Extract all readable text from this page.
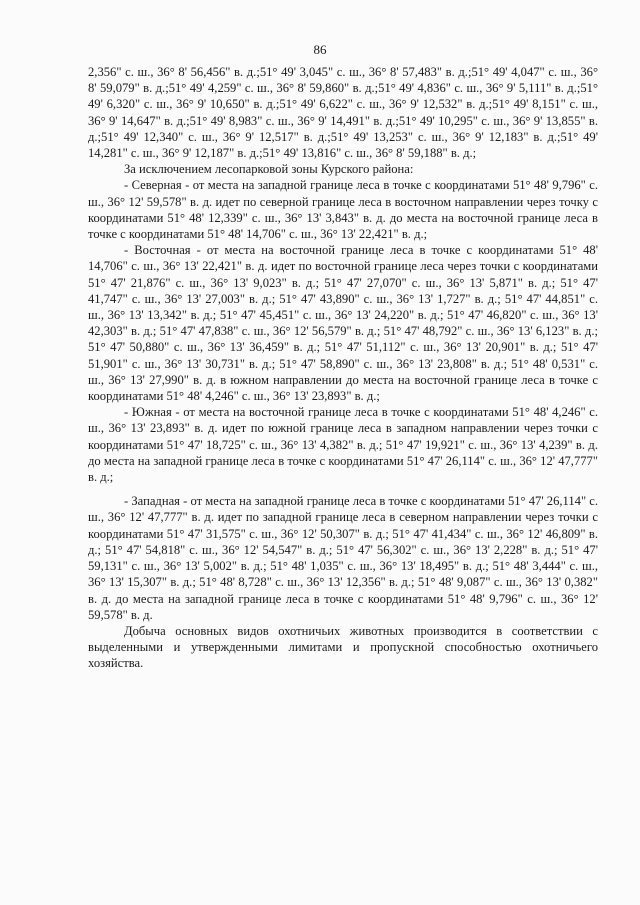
86

2,356" с. ш., 36° 8' 56,456" в. д.;51° 49' 3,045" с. ш., 36° 8' 57,483" в. д.;51° 49' 4,047" с. ш., 36° 8' 59,079" в. д.;51° 49' 4,259" с. ш., 36° 8' 59,860" в. д.;51° 49' 4,836" с. ш., 36° 9' 5,111" в. д.;51° 49' 6,320" с. ш., 36° 9' 10,650" в. д.;51° 49' 6,622" с. ш., 36° 9' 12,532" в. д.;51° 49' 8,151" с. ш., 36° 9' 14,647" в. д.;51° 49' 8,983" с. ш., 36° 9' 14,491" в. д.;51° 49' 10,295" с. ш., 36° 9' 13,855" в. д.;51° 49' 12,340" с. ш., 36° 9' 12,517" в. д.;51° 49' 13,253" с. ш., 36° 9' 12,183" в. д.;51° 49' 14,281" с. ш., 36° 9' 12,187" в. д.;51° 49' 13,816" с. ш., 36° 8' 59,188" в. д.;

За исключением лесопарковой зоны Курского района:

- Северная - от места на западной границе леса в точке с координатами 51° 48' 9,796" с. ш., 36° 12' 59,578" в. д. идет по северной границе леса в восточном направлении через точку с координатами 51° 48' 12,339" с. ш., 36° 13' 3,843" в. д. до места на восточной границе леса в точке с координатами 51° 48' 14,706" с. ш., 36° 13' 22,421" в. д.;

- Восточная - от места на восточной границе леса в точке с координатами 51° 48' 14,706" с. ш., 36° 13' 22,421" в. д. идет по восточной границе леса через точки с координатами 51° 47' 21,876" с. ш., 36° 13' 9,023" в. д.; 51° 47' 27,070" с. ш., 36° 13' 5,871" в. д.; 51° 47' 41,747" с. ш., 36° 13' 27,003" в. д.; 51° 47' 43,890" с. ш., 36° 13' 1,727" в. д.; 51° 47' 44,851" с. ш., 36° 13' 13,342" в. д.; 51° 47' 45,451" с. ш., 36° 13' 24,220" в. д.; 51° 47' 46,820" с. ш., 36° 13' 42,303" в. д.; 51° 47' 47,838" с. ш., 36° 12' 56,579" в. д.; 51° 47' 48,792" с. ш., 36° 13' 6,123" в. д.; 51° 47' 50,880" с. ш., 36° 13' 36,459" в. д.; 51° 47' 51,112" с. ш., 36° 13' 20,901" в. д.; 51° 47' 51,901" с. ш., 36° 13' 30,731" в. д.; 51° 47' 58,890" с. ш., 36° 13' 23,808" в. д.; 51° 48' 0,531" с. ш., 36° 13' 27,990" в. д. в южном направлении до места на восточной границе леса в точке с координатами 51° 48' 4,246" с. ш., 36° 13' 23,893" в. д.;

- Южная - от места на восточной границе леса в точке с координатами 51° 48' 4,246" с. ш., 36° 13' 23,893" в. д. идет по южной границе леса в западном направлении через точки с координатами 51° 47' 18,725" с. ш., 36° 13' 4,382" в. д.; 51° 47' 19,921" с. ш., 36° 13' 4,239" в. д. до места на западной границе леса в точке с координатами 51° 47' 26,114" с. ш., 36° 12' 47,777" в. д.;

- Западная - от места на западной границе леса в точке с координатами 51° 47' 26,114" с. ш., 36° 12' 47,777" в. д. идет по западной границе леса в северном направлении через точки с координатами 51° 47' 31,575" с. ш., 36° 12' 50,307" в. д.; 51° 47' 41,434" с. ш., 36° 12' 46,809" в. д.; 51° 47' 54,818" с. ш., 36° 12' 54,547" в. д.; 51° 47' 56,302" с. ш., 36° 13' 2,228" в. д.; 51° 47' 59,131" с. ш., 36° 13' 5,002" в. д.; 51° 48' 1,035" с. ш., 36° 13' 18,495" в. д.; 51° 48' 3,444" с. ш., 36° 13' 15,307" в. д.; 51° 48' 8,728" с. ш., 36° 13' 12,356" в. д.; 51° 48' 9,087" с. ш., 36° 13' 0,382" в. д. до места на западной границе леса в точке с координатами 51° 48' 9,796" с. ш., 36° 12' 59,578" в. д.

Добыча основных видов охотничьих животных производится в соответствии с выделенными и утвержденными лимитами и пропускной способностью охотничьего хозяйства.
